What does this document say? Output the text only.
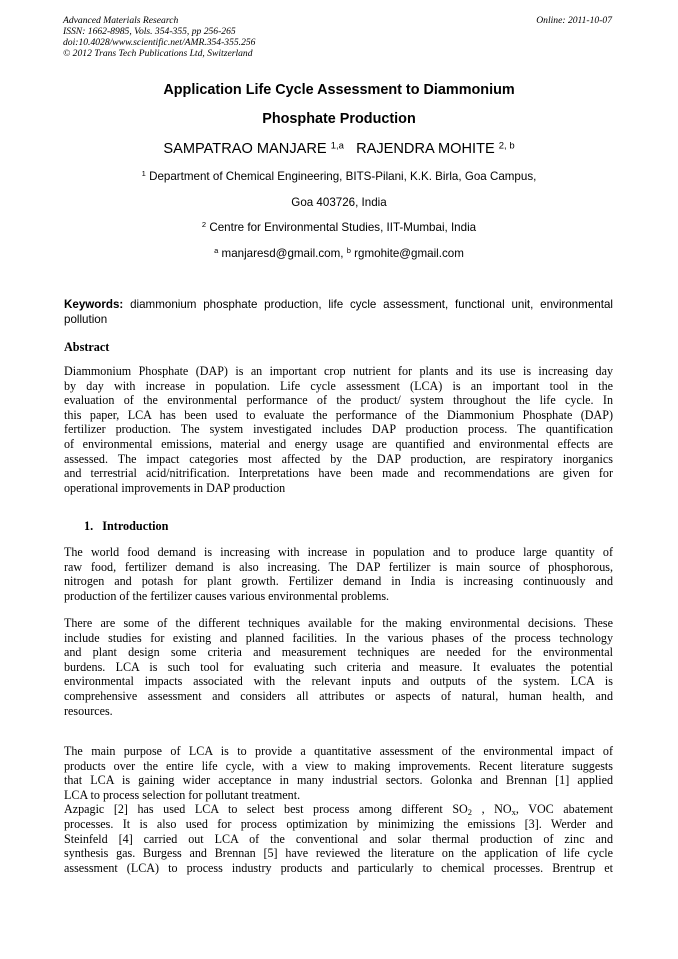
Advanced Materials Research
ISSN: 1662-8985, Vols. 354-355, pp 256-265
doi:10.4028/www.scientific.net/AMR.354-355.256
© 2012 Trans Tech Publications Ltd, Switzerland
Online: 2011-10-07
Application Life Cycle Assessment to Diammonium
Phosphate Production
SAMPATRAO MANJARE $^{1,a}$ RAJENDRA MOHITE $^{2, b}$
$^1$ Department of Chemical Engineering, BITS-Pilani, K.K. Birla, Goa Campus,
Goa 403726, India
$^2$ Centre for Environmental Studies, IIT-Mumbai, India
$^a$ manjaresd@gmail.com, $^b$ rgmohite@gmail.com
Keywords: diammonium phosphate production, life cycle assessment, functional unit, environmental pollution
Abstract
Diammonium Phosphate (DAP) is an important crop nutrient for plants and its use is increasing day
by day with increase in population. Life cycle assessment (LCA) is an important tool in the
evaluation of the environmental performance of the product/ system throughout the life cycle. In
this paper, LCA has been used to evaluate the performance of the Diammonium Phosphate (DAP)
fertilizer production. The system investigated includes DAP production process. The quantification
of environmental emissions, material and energy usage are quantified and environmental effects are
assessed. The impact categories most affected by the DAP production, are respiratory inorganics
and terrestrial acid/nitrification. Interpretations have been made and recommendations are given for
operational improvements in DAP production
1. Introduction
The world food demand is increasing with increase in population and to produce large quantity of
raw food, fertilizer demand is also increasing. The DAP fertilizer is main source of phosphorous,
nitrogen and potash for plant growth. Fertilizer demand in India is increasing continuously and
production of the fertilizer causes various environmental problems.
There are some of the different techniques available for the making environmental decisions. These
include studies for existing and planned facilities. In the various phases of the process technology
and plant design some criteria and measurement techniques are needed for the environmental
burdens. LCA is such tool for evaluating such criteria and measure. It evaluates the potential
environmental impacts associated with the relevant inputs and outputs of the system. LCA is
comprehensive assessment and considers all attributes or aspects of natural, human health, and
resources.
The main purpose of LCA is to provide a quantitative assessment of the environmental impact of
products over the entire life cycle, with a view to making improvements. Recent literature suggests
that LCA is gaining wider acceptance in many industrial sectors. Golonka and Brennan [1] applied
LCA to process selection for pollutant treatment.
Azpagic [2] has used LCA to select best process among different $SO_2$ , $NO_x$, VOC abatement
processes. It is also used for process optimization by minimizing the emissions [3]. Werder and
Steinfeld [4] carried out LCA of the conventional and solar thermal production of zinc and
synthesis gas. Burgess and Brennan [5] have reviewed the literature on the application of life cycle
assessment (LCA) to process industry products and particularly to chemical processes. Brentrup et
